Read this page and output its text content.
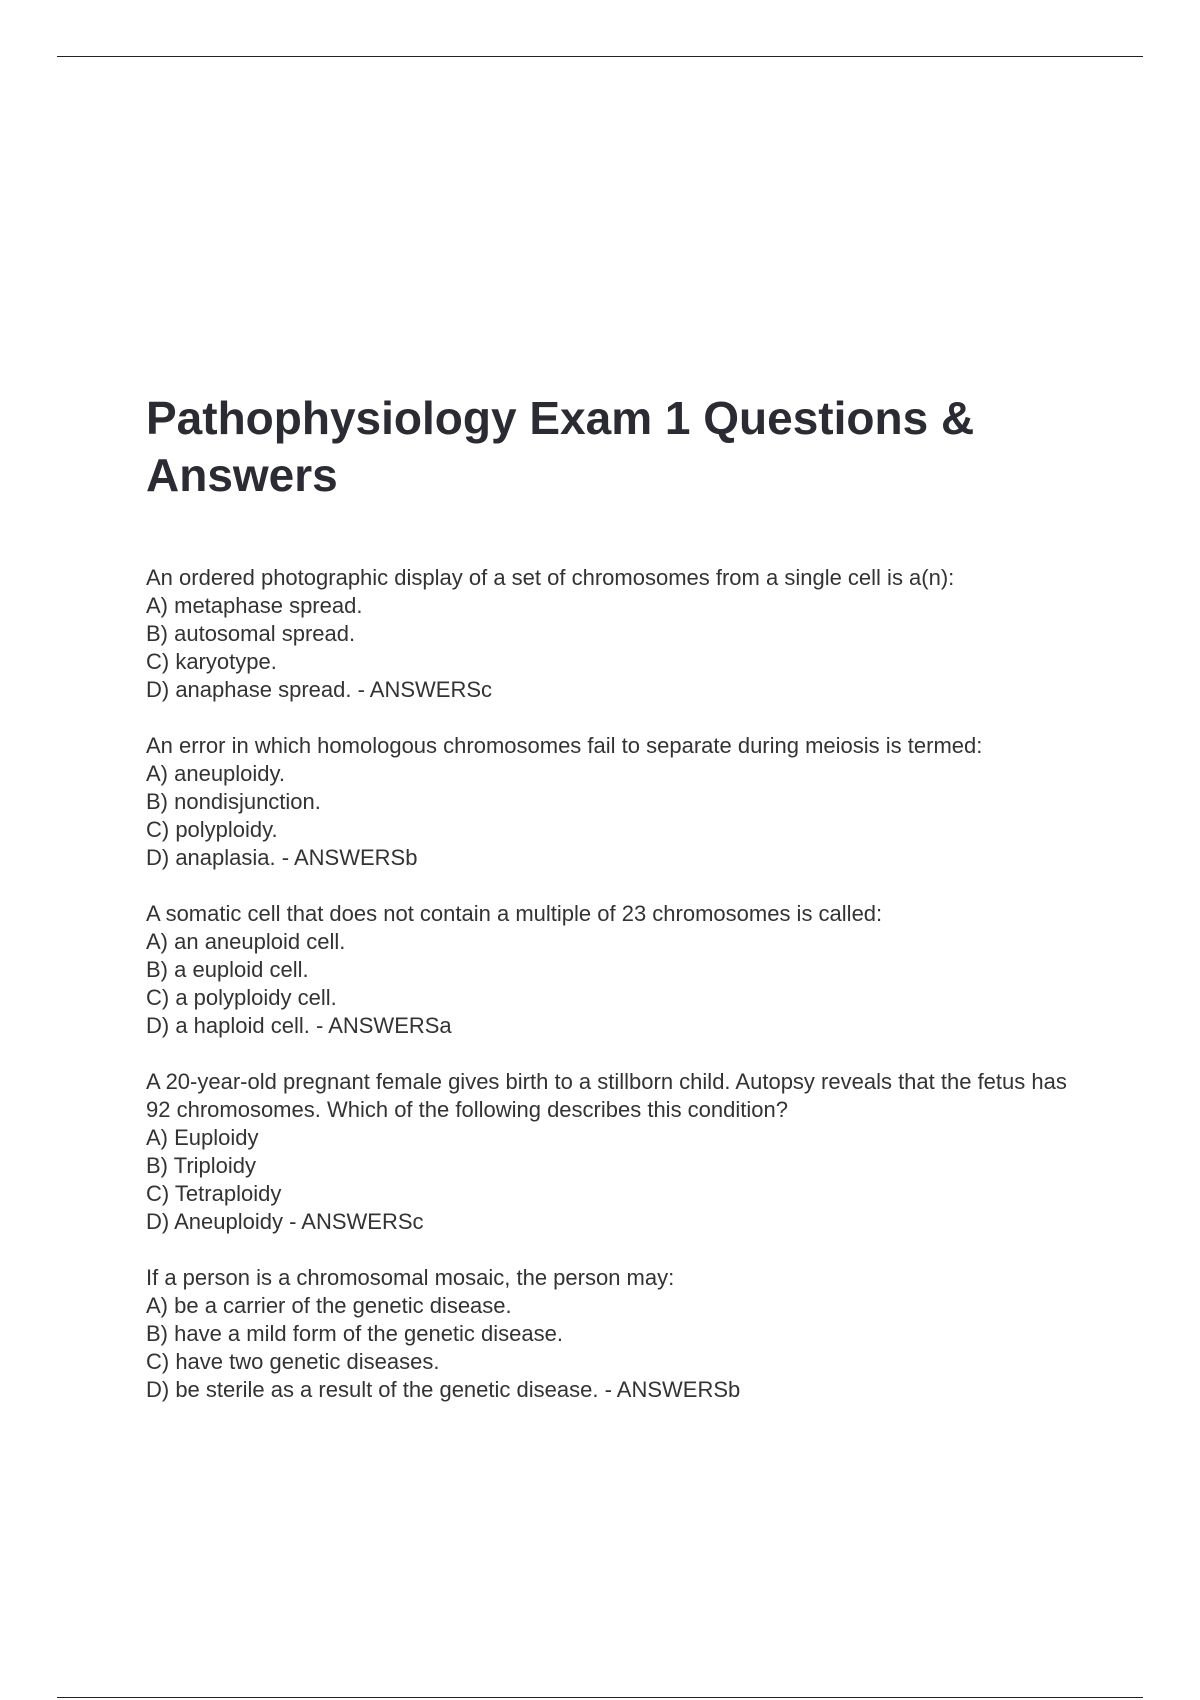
Pathophysiology Exam 1 Questions & Answers
An ordered photographic display of a set of chromosomes from a single cell is a(n):
A) metaphase spread.
B) autosomal spread.
C) karyotype.
D) anaphase spread. - ANSWERSc
An error in which homologous chromosomes fail to separate during meiosis is termed:
A) aneuploidy.
B) nondisjunction.
C) polyploidy.
D) anaplasia. - ANSWERSb
A somatic cell that does not contain a multiple of 23 chromosomes is called:
A) an aneuploid cell.
B) a euploid cell.
C) a polyploidy cell.
D) a haploid cell. - ANSWERSa
A 20-year-old pregnant female gives birth to a stillborn child. Autopsy reveals that the fetus has 92 chromosomes. Which of the following describes this condition?
A) Euploidy
B) Triploidy
C) Tetraploidy
D) Aneuploidy - ANSWERSc
If a person is a chromosomal mosaic, the person may:
A) be a carrier of the genetic disease.
B) have a mild form of the genetic disease.
C) have two genetic diseases.
D) be sterile as a result of the genetic disease. - ANSWERSb
